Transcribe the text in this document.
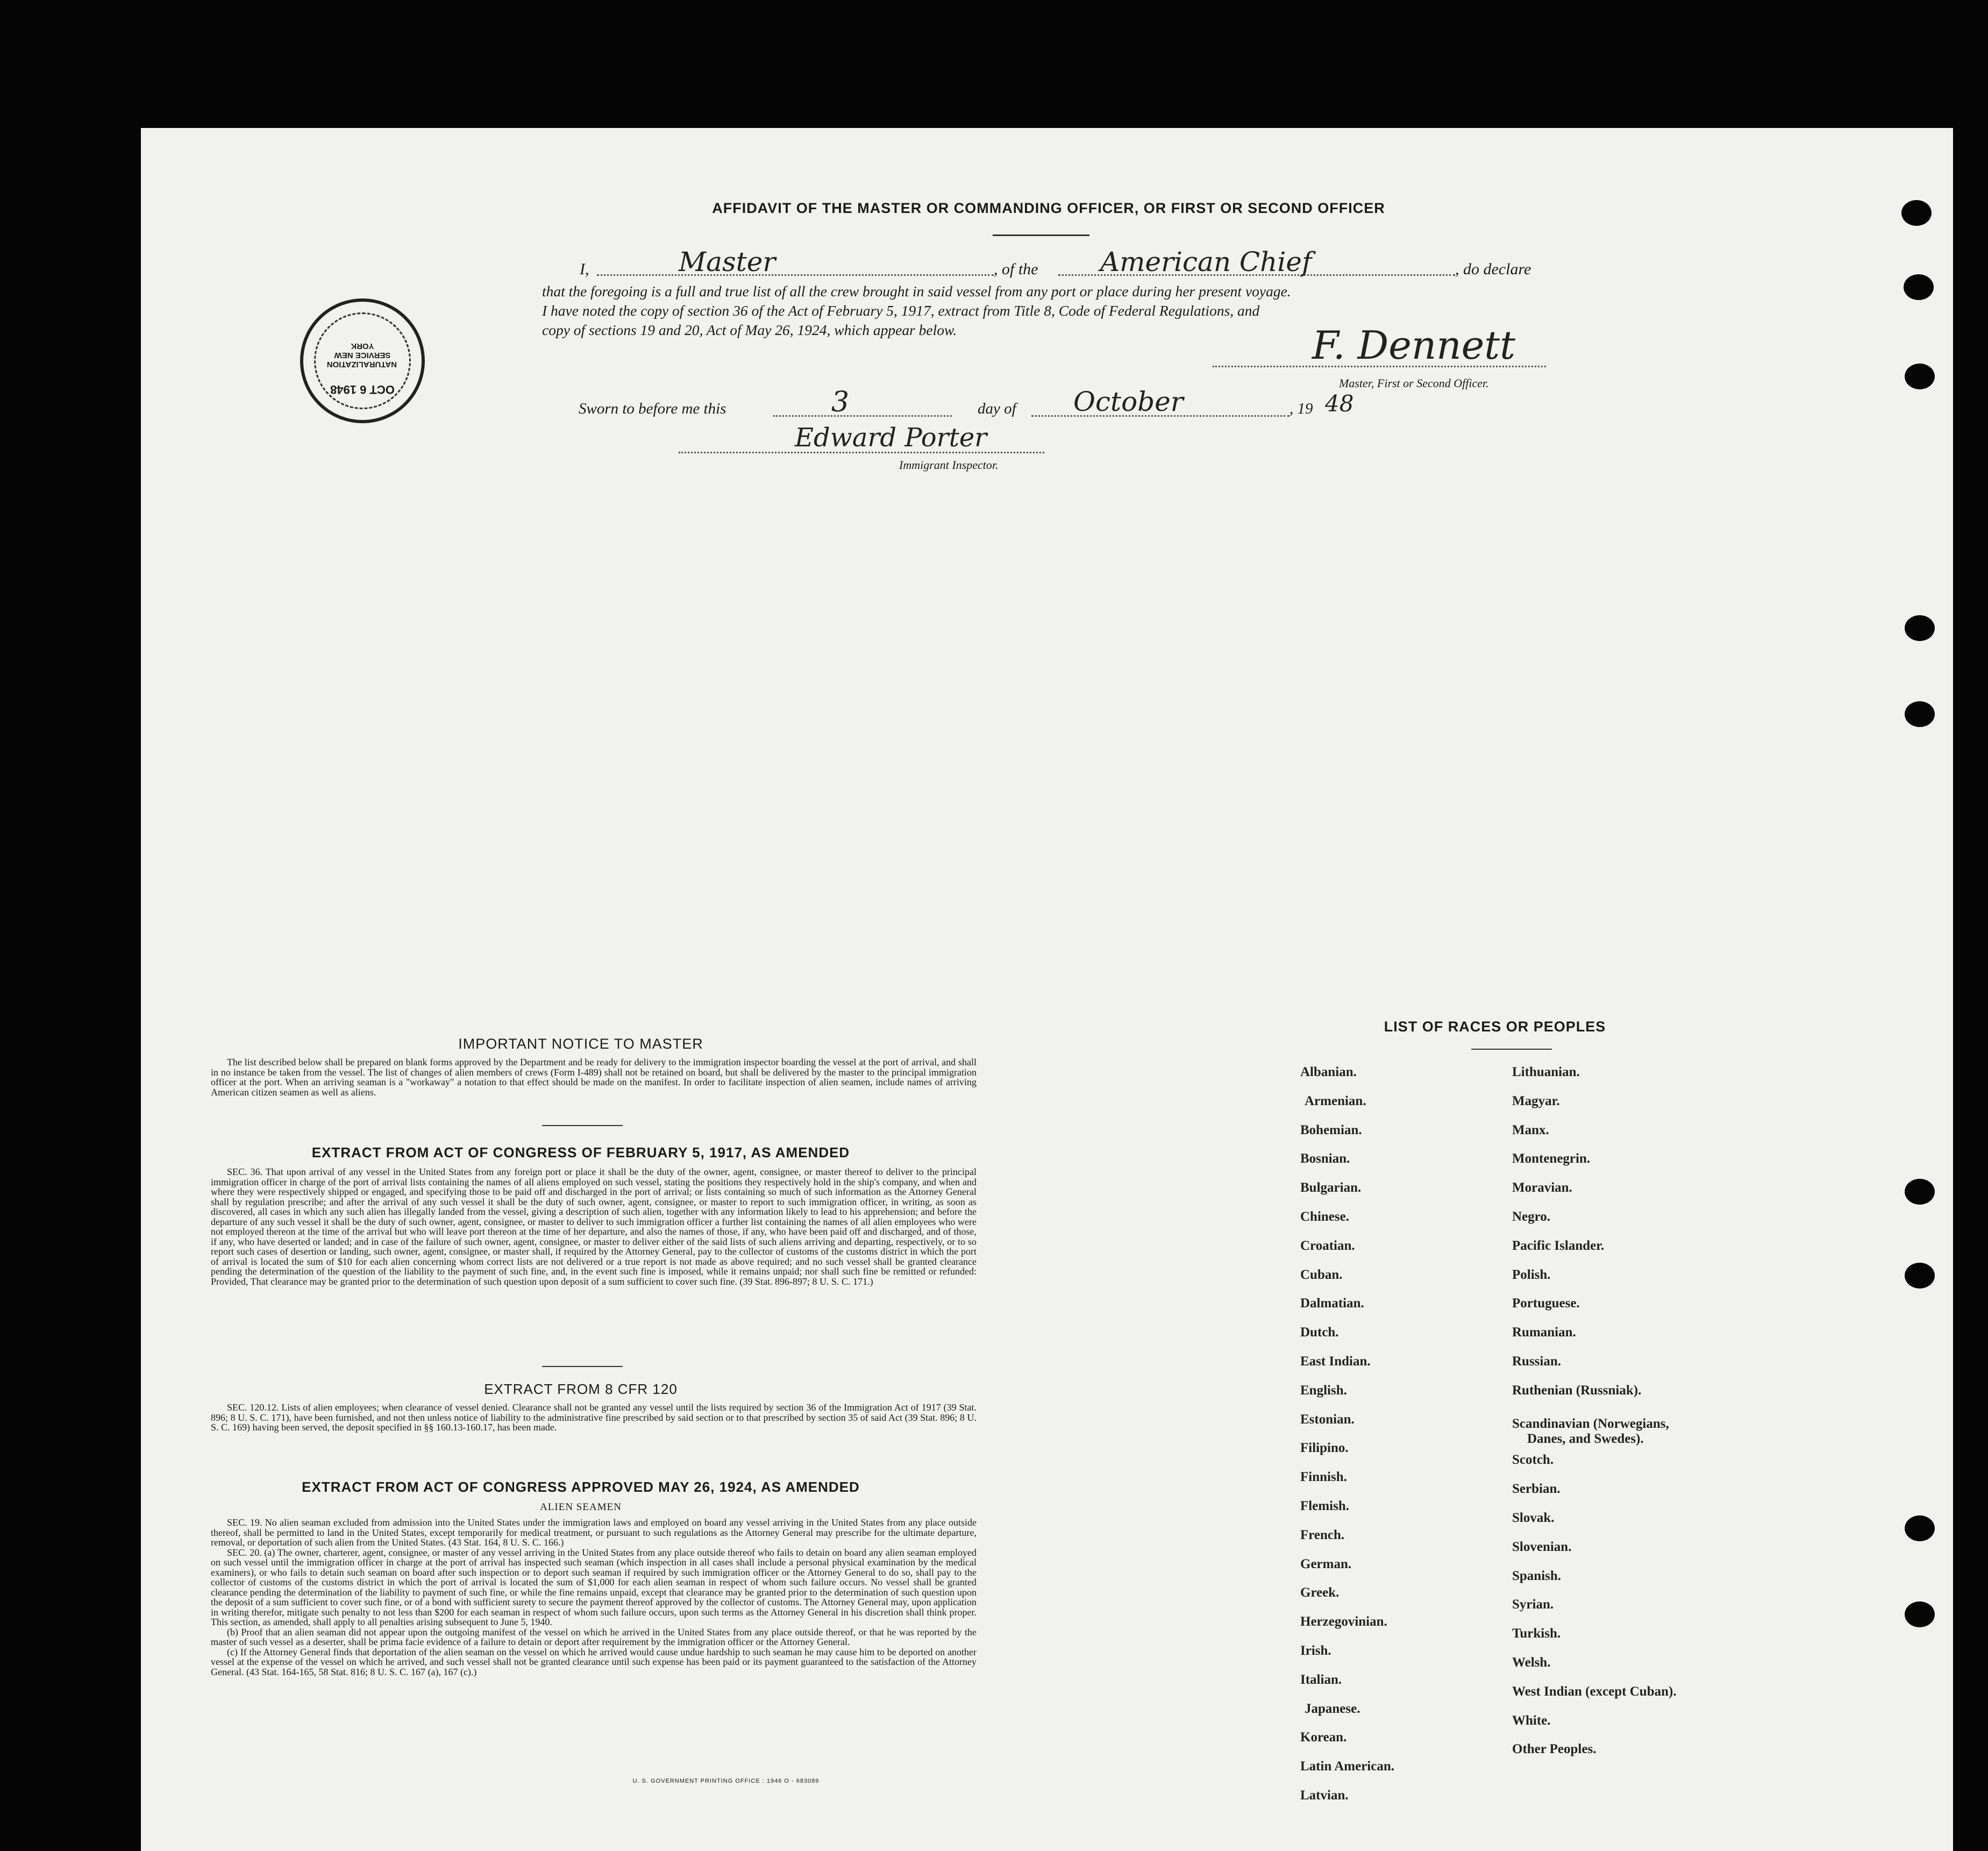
AFFIDAVIT OF THE MASTER OR COMMANDING OFFICER, OR FIRST OR SECOND OFFICER
I,	Master	, of the American Chief	, do declare
that the foregoing is a full and true list of all the crew brought in said vessel from any port or place during her present voyage.
I have noted the copy of section 36 of the Act of February 5, 1917, extract from Title 8, Code of Federal Regulations, and
copy of sections 19 and 20, Act of May 26, 1924, which appear below.	F. Dennett
Master, First or Second Officer.
Sworn to before me this	3	day of October	, 19 48
Edward Porter
Immigrant Inspector.
NATURALIZATION SERVICE NEW YORK
OCT 6 1948
IMPORTANT NOTICE TO MASTER

The list described below shall be prepared on blank forms approved by the Department and be ready for delivery to the immigration inspector boarding the vessel at the port of arrival, and shall in no instance be taken from the vessel. The list of changes of alien members of crews (Form I-489) shall not be retained on board, but shall be delivered by the master to the principal immigration officer at the port. When an arriving seaman is a "workaway" a notation to that effect should be made on the manifest. In order to facilitate inspection of alien seamen, include names of arriving American citizen seamen as well as aliens.

EXTRACT FROM ACT OF CONGRESS OF FEBRUARY 5, 1917, AS AMENDED

SEC. 36. That upon arrival of any vessel in the United States from any foreign port or place it shall be the duty of the owner, agent, consignee, or master thereof to deliver to the principal immigration officer in charge of the port of arrival lists containing the names of all aliens employed on such vessel, stating the positions they respectively hold in the ship's company, and when and where they were respectively shipped or engaged, and specifying those to be paid off and discharged in the port of arrival; or lists containing so much of such information as the Attorney General shall by regulation prescribe; and after the arrival of any such vessel it shall be the duty of such owner, agent, consignee, or master to report to such immigration officer, in writing, as soon as discovered, all cases in which any such alien has illegally landed from the vessel, giving a description of such alien, together with any information likely to lead to his apprehension; and before the departure of any such vessel it shall be the duty of such owner, agent, consignee, or master to deliver to such immigration officer a further list containing the names of all alien employees who were not employed thereon at the time of the arrival but who will leave port thereon at the time of her departure, and also the names of those, if any, who have been paid off and discharged, and of those, if any, who have deserted or landed; and in case of the failure of such owner, agent, consignee, or master to deliver either of the said lists of such aliens arriving and departing, respectively, or to so report such cases of desertion or landing, such owner, agent, consignee, or master shall, if required by the Attorney General, pay to the collector of customs of the customs district in which the port of arrival is located the sum of $10 for each alien concerning whom correct lists are not delivered or a true report is not made as above required; and no such vessel shall be granted clearance pending the determination of the question of the liability to the payment of such fine, and, in the event such fine is imposed, while it remains unpaid; nor shall such fine be remitted or refunded: Provided, That clearance may be granted prior to the determination of such question upon deposit of a sum sufficient to cover such fine. (39 Stat. 896-897; 8 U. S. C. 171.)

EXTRACT FROM 8 CFR 120

SEC. 120.12. Lists of alien employees; when clearance of vessel denied. Clearance shall not be granted any vessel until the lists required by section 36 of the Immigration Act of 1917 (39 Stat. 896; 8 U. S. C. 171), have been furnished, and not then unless notice of liability to the administrative fine prescribed by said section or to that prescribed by section 35 of said Act (39 Stat. 896; 8 U. S. C. 169) having been served, the deposit specified in §§ 160.13-160.17, has been made.

EXTRACT FROM ACT OF CONGRESS APPROVED MAY 26, 1924, AS AMENDED
ALIEN SEAMEN

SEC. 19. No alien seaman excluded from admission into the United States under the immigration laws and employed on board any vessel arriving in the United States from any place outside thereof, shall be permitted to land in the United States, except temporarily for medical treatment, or pursuant to such regulations as the Attorney General may prescribe for the ultimate departure, removal, or deportation of such alien from the United States. (43 Stat. 164, 8 U. S. C. 166.)

SEC. 20. (a) The owner, charterer, agent, consignee, or master of any vessel arriving in the United States from any place outside thereof who fails to detain on board any alien seaman employed on such vessel until the immigration officer in charge at the port of arrival has inspected such seaman (which inspection in all cases shall include a personal physical examination by the medical examiners), or who fails to detain such seaman on board after such inspection or to deport such seaman if required by such immigration officer or the Attorney General to do so, shall pay to the collector of customs of the customs district in which the port of arrival is located the sum of $1,000 for each alien seaman in respect of whom such failure occurs. No vessel shall be granted clearance pending the determination of the liability to payment of such fine, or while the fine remains unpaid, except that clearance may be granted prior to the determination of such question upon the deposit of a sum sufficient to cover such fine, or of a bond with sufficient surety to secure the payment thereof approved by the collector of customs. The Attorney General may, upon application in writing therefor, mitigate such penalty to not less than $200 for each seaman in respect of whom such failure occurs, upon such terms as the Attorney General in his discretion shall think proper. This section, as amended, shall apply to all penalties arising subsequent to June 5, 1940.

(b) Proof that an alien seaman did not appear upon the outgoing manifest of the vessel on which he arrived in the United States from any place outside thereof, or that he was reported by the master of such vessel as a deserter, shall be prima facie evidence of a failure to detain or deport after requirement by the immigration officer or the Attorney General.

(c) If the Attorney General finds that deportation of the alien seaman on the vessel on which he arrived would cause undue hardship to such seaman he may cause him to be deported on another vessel at the expense of the vessel on which he arrived, and such vessel shall not be granted clearance until such expense has been paid or its payment guaranteed to the satisfaction of the Attorney General. (43 Stat. 164-165, 58 Stat. 816; 8 U. S. C. 167 (a), 167 (c).)

U. S. GOVERNMENT PRINTING OFFICE : 1946 O - 683089
LIST OF RACES OR PEOPLES
Albanian.
Armenian.
Bohemian.
Bosnian.
Bulgarian.
Chinese.
Croatian.
Cuban.
Dalmatian.
Dutch.
East Indian.
English.
Estonian.
Filipino.
Finnish.
Flemish.
French.
German.
Greek.
Herzegovinian.
Irish.
Italian.
Japanese.
Korean.
Latin American.
Latvian.
Lithuanian.
Magyar.
Manx.
Montenegrin.
Moravian.
Negro.
Pacific Islander.
Polish.
Portuguese.
Rumanian.
Russian.
Ruthenian (Russniak).
Scandinavian (Norwegians,
Danes, and Swedes).
Scotch.
Serbian.
Slovak.
Slovenian.
Spanish.
Syrian.
Turkish.
Welsh.
West Indian (except Cuban).
White.
Other Peoples.
